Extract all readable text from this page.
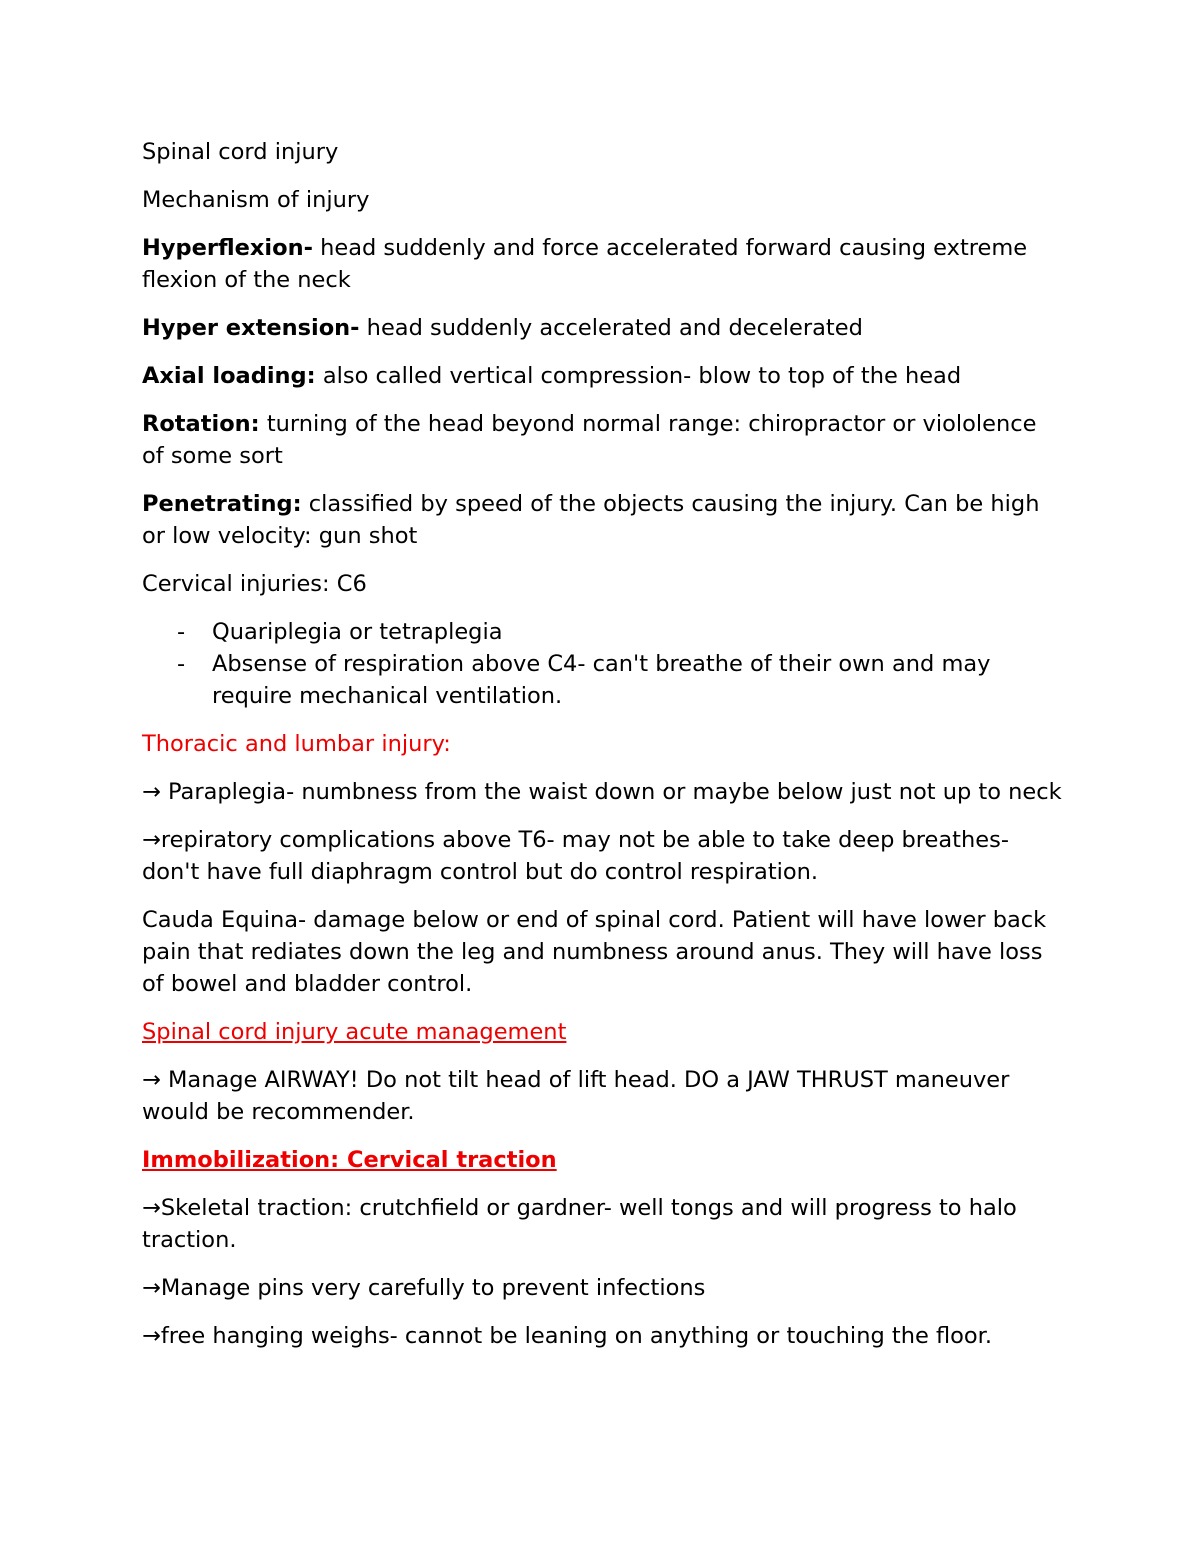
Spinal cord injury

Mechanism of injury

Hyperflexion- head suddenly and force accelerated forward causing extreme flexion of the neck

Hyper extension- head suddenly accelerated and decelerated

Axial loading: also called vertical compression- blow to top of the head

Rotation: turning of the head beyond normal range: chiropractor or viololence of some sort

Penetrating: classified by speed of the objects causing the injury. Can be high or low velocity: gun shot

Cervical injuries: C6

- Quariplegia or tetraplegia
- Absense of respiration above C4- can't breathe of their own and may require mechanical ventilation.

Thoracic and lumbar injury:

→ Paraplegia- numbness from the waist down or maybe below just not up to neck

→repiratory complications above T6- may not be able to take deep breathes- don't have full diaphragm control but do control respiration.

Cauda Equina- damage below or end of spinal cord. Patient will have lower back pain that rediates down the leg and numbness around anus. They will have loss of bowel and bladder control.

Spinal cord injury acute management

→ Manage AIRWAY! Do not tilt head of lift head. DO a JAW THRUST maneuver would be recommender.

Immobilization: Cervical traction

→Skeletal traction: crutchfield or gardner- well tongs and will progress to halo traction.

→Manage pins very carefully to prevent infections

→free hanging weighs- cannot be leaning on anything or touching the floor.
